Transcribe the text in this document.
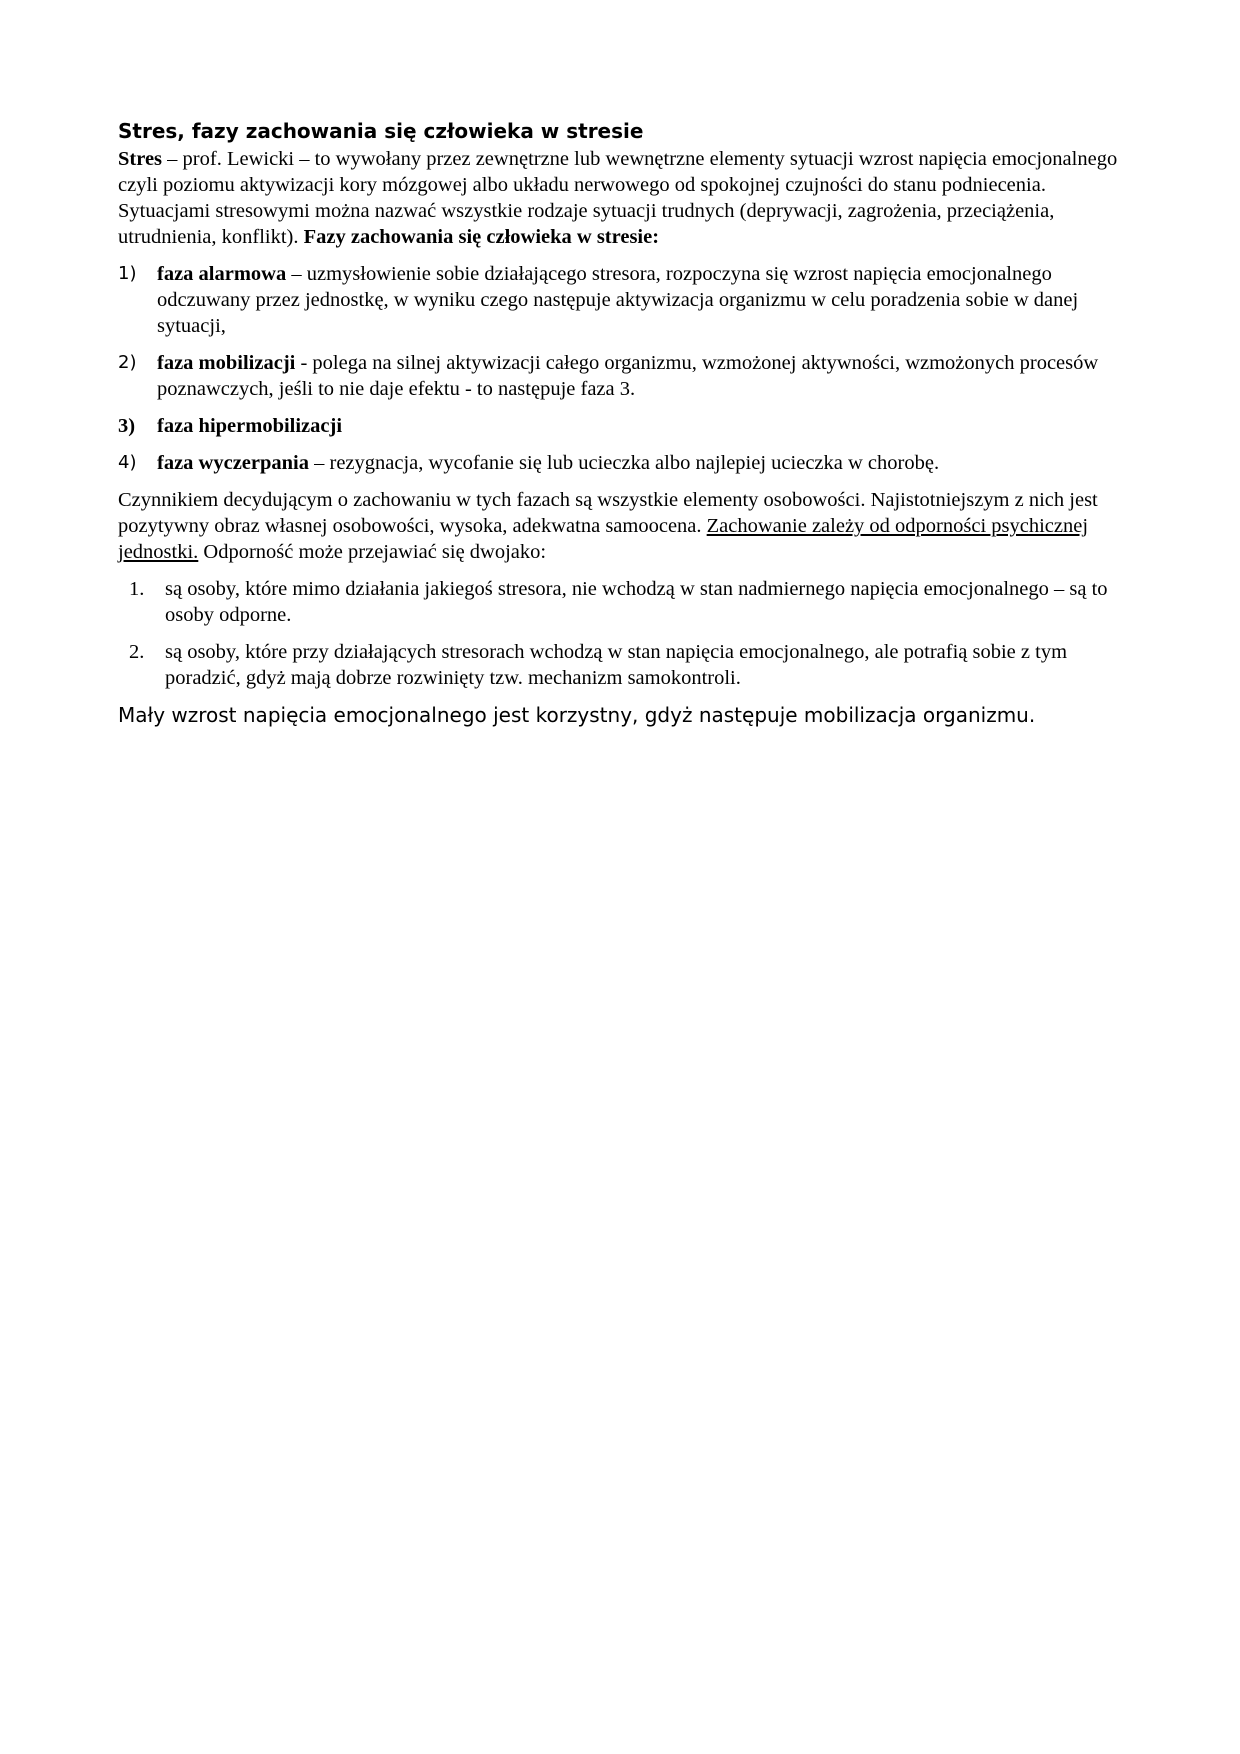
Stres, fazy zachowania się człowieka w stresie

Stres – prof. Lewicki – to wywołany przez zewnętrzne lub wewnętrzne elementy sytuacji wzrost napięcia emocjonalnego czyli poziomu aktywizacji kory mózgowej albo układu nerwowego od spokojnej czujności do stanu podniecenia. Sytuacjami stresowymi można nazwać wszystkie rodzaje sytuacji trudnych (deprywacji, zagrożenia, przeciążenia, utrudnienia, konflikt). Fazy zachowania się człowieka w stresie:

1) faza alarmowa – uzmysłowienie sobie działającego stresora, rozpoczyna się wzrost napięcia emocjonalnego odczuwany przez jednostkę, w wyniku czego następuje aktywizacja organizmu w celu poradzenia sobie w danej sytuacji,
2) faza mobilizacji - polega na silnej aktywizacji całego organizmu, wzmożonej aktywności, wzmożonych procesów poznawczych, jeśli to nie daje efektu - to następuje faza 3.
3) faza hipermobilizacji
4) faza wyczerpania – rezygnacja, wycofanie się lub ucieczka albo najlepiej ucieczka w chorobę.

Czynnikiem decydującym o zachowaniu w tych fazach są wszystkie elementy osobowości. Najistotniejszym z nich jest pozytywny obraz własnej osobowości, wysoka, adekwatna samoocena. Zachowanie zależy od odporności psychicznej jednostki. Odporność może przejawiać się dwojako:

1. są osoby, które mimo działania jakiegoś stresora, nie wchodzą w stan nadmiernego napięcia emocjonalnego – są to osoby odporne.
2. są osoby, które przy działających stresorach wchodzą w stan napięcia emocjonalnego, ale potrafią sobie z tym poradzić, gdyż mają dobrze rozwinięty tzw. mechanizm samokontroli.

Mały wzrost napięcia emocjonalnego jest korzystny, gdyż następuje mobilizacja organizmu.
